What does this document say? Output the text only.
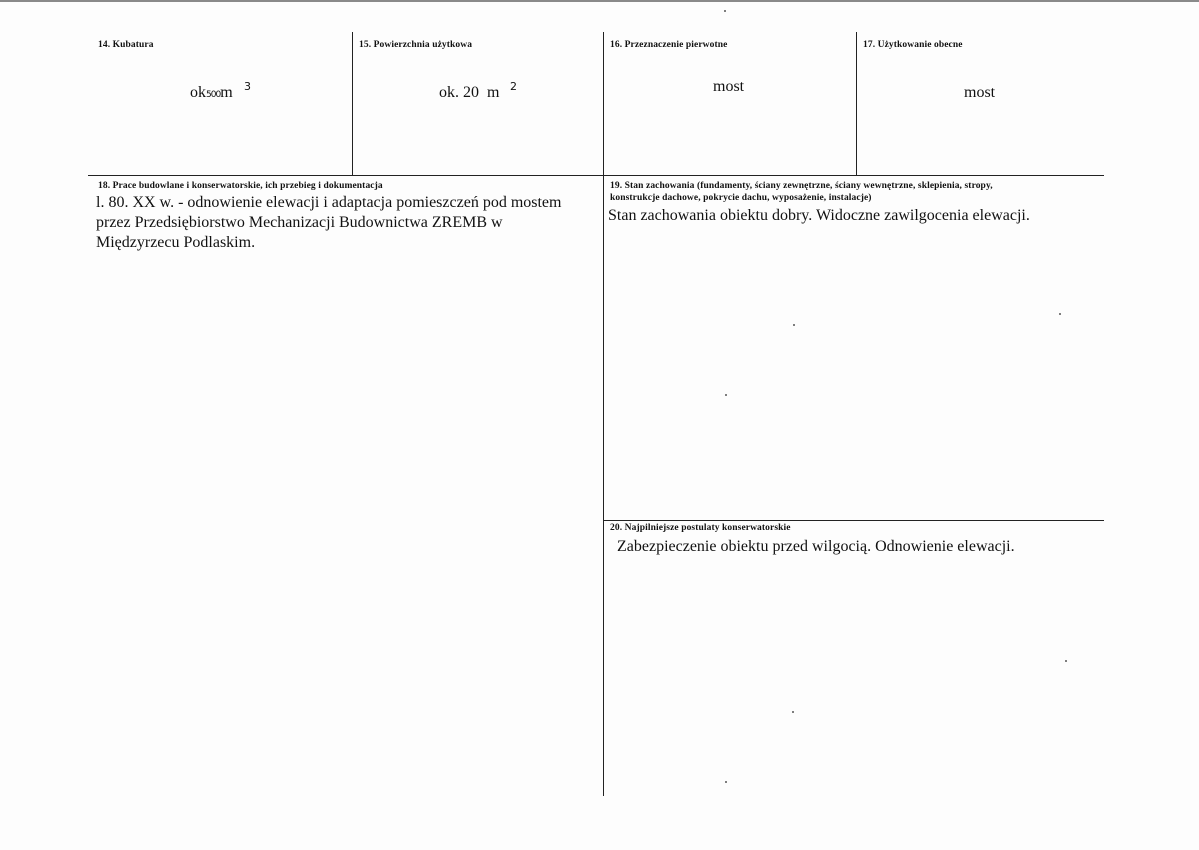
14. Kubatura
ok500m 3
15. Powierzchnia użytkowa
ok. 20  m 2
16. Przeznaczenie pierwotne
most
17. Użytkowanie obecne
most
18. Prace budowlane i konserwatorskie, ich przebieg i dokumentacja
l. 80. XX w. - odnowienie elewacji i adaptacja pomieszczeń pod mostem
przez Przedsiębiorstwo Mechanizacji Budownictwa ZREMB w
Międzyrzecu Podlaskim.
19. Stan zachowania (fundamenty, ściany zewnętrzne, ściany wewnętrzne, sklepienia, stropy,
konstrukcje dachowe, pokrycie dachu, wyposażenie, instalacje)
Stan zachowania obiektu dobry. Widoczne zawilgocenia elewacji.
20. Najpilniejsze postulaty konserwatorskie
Zabezpieczenie obiektu przed wilgocią. Odnowienie elewacji.
